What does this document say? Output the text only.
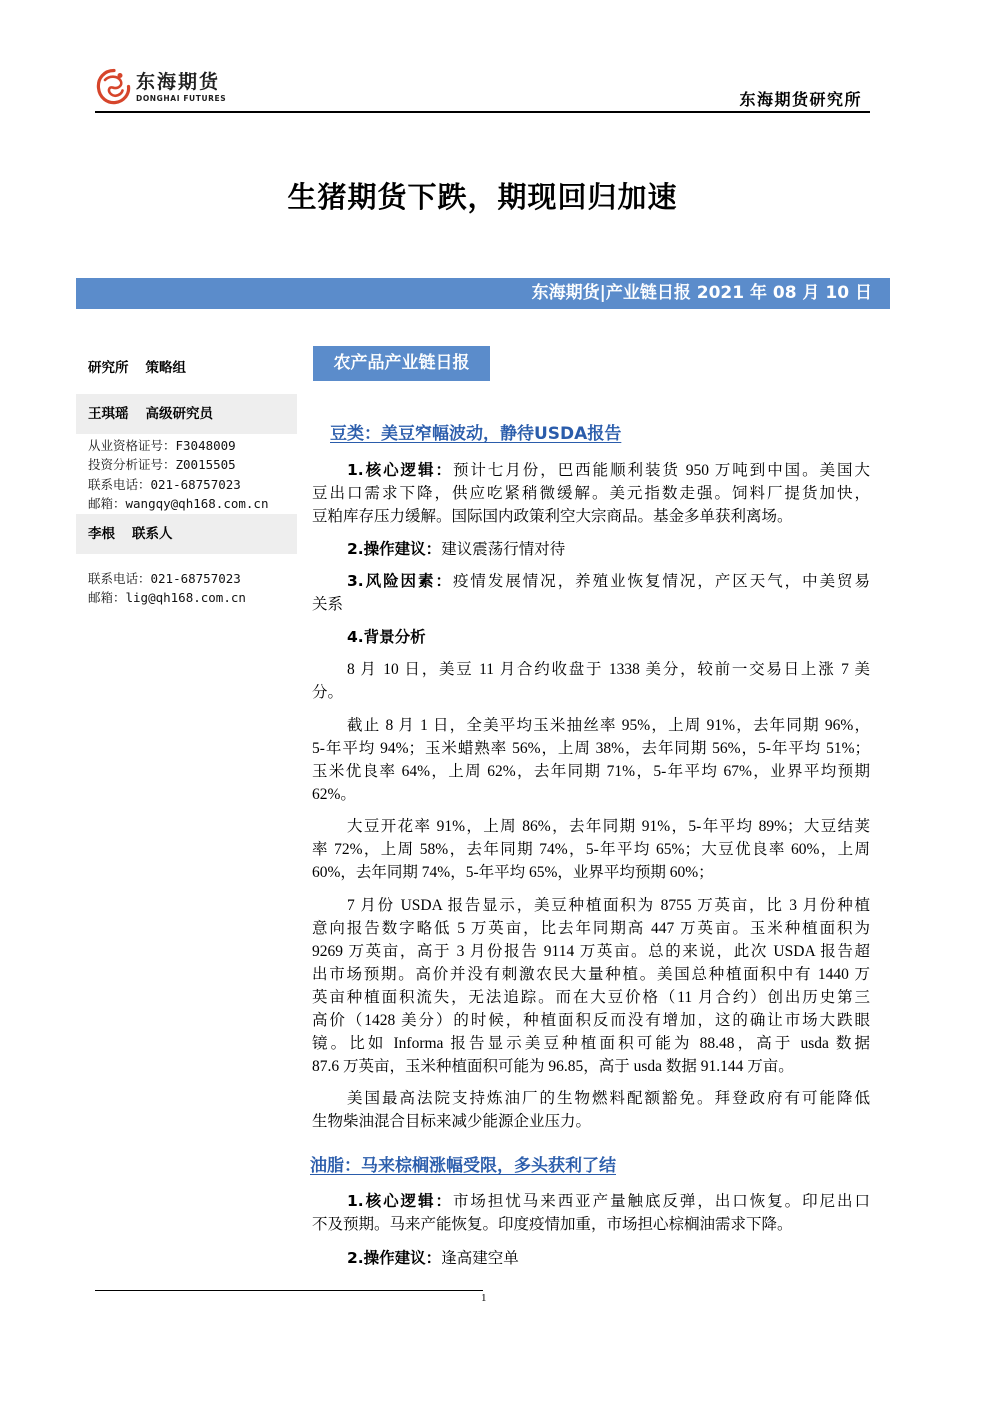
东海期货
DONGHAI FUTURES	东海期货研究所
生猪期货下跌，期现回归加速
东海期货|产业链日报 2021 年 08 月 10 日
研究所 策略组
王琪瑶 高级研究员
从业资格证号：F3048009
投资分析证号：Z0015505
联系电话：021-68757023
邮箱：wangqy@qh168.com.cn
李根 联系人
联系电话：021-68757023
邮箱：lig@qh168.com.cn
农产品产业链日报
豆类：美豆窄幅波动，静待USDA报告
1.核心逻辑：预计七月份，巴西能顺利装货 950 万吨到中国。美国大
豆出口需求下降，供应吃紧稍微缓解。美元指数走强。饲料厂提货加快，
豆粕库存压力缓解。国际国内政策利空大宗商品。基金多单获利离场。
2.操作建议：建议震荡行情对待
3.风险因素：疫情发展情况，养殖业恢复情况，产区天气，中美贸易
关系
4.背景分析
8 月 10 日，美豆 11 月合约收盘于 1338 美分，较前一交易日上涨 7 美
分。
截止 8 月 1 日，全美平均玉米抽丝率 95%，上周 91%，去年同期 96%，
5-年平均 94%；玉米蜡熟率 56%，上周 38%，去年同期 56%，5-年平均 51%；
玉米优良率 64%，上周 62%，去年同期 71%，5-年平均 67%，业界平均预期
62%。
大豆开花率 91%，上周 86%，去年同期 91%，5-年平均 89%；大豆结荚
率 72%，上周 58%，去年同期 74%，5-年平均 65%；大豆优良率 60%，上周
60%，去年同期 74%，5-年平均 65%，业界平均预期 60%；
7 月份 USDA 报告显示，美豆种植面积为 8755 万英亩，比 3 月份种植
意向报告数字略低 5 万英亩，比去年同期高 447 万英亩。玉米种植面积为
9269 万英亩，高于 3 月份报告 9114 万英亩。总的来说，此次 USDA 报告超
出市场预期。高价并没有刺激农民大量种植。美国总种植面积中有 1440 万
英亩种植面积流失，无法追踪。而在大豆价格（11 月合约）创出历史第三
高价（1428 美分）的时候，种植面积反而没有增加，这的确让市场大跌眼
镜。比如 Informa 报告显示美豆种植面积可能为 88.48，高于 usda 数据
87.6 万英亩，玉米种植面积可能为 96.85，高于 usda 数据 91.144 万亩。
美国最高法院支持炼油厂的生物燃料配额豁免。拜登政府有可能降低
生物柴油混合目标来减少能源企业压力。
油脂：马来棕榈涨幅受限，多头获利了结
1.核心逻辑：市场担忧马来西亚产量触底反弹，出口恢复。印尼出口
不及预期。马来产能恢复。印度疫情加重，市场担心棕榈油需求下降。
2.操作建议：逢高建空单
1
